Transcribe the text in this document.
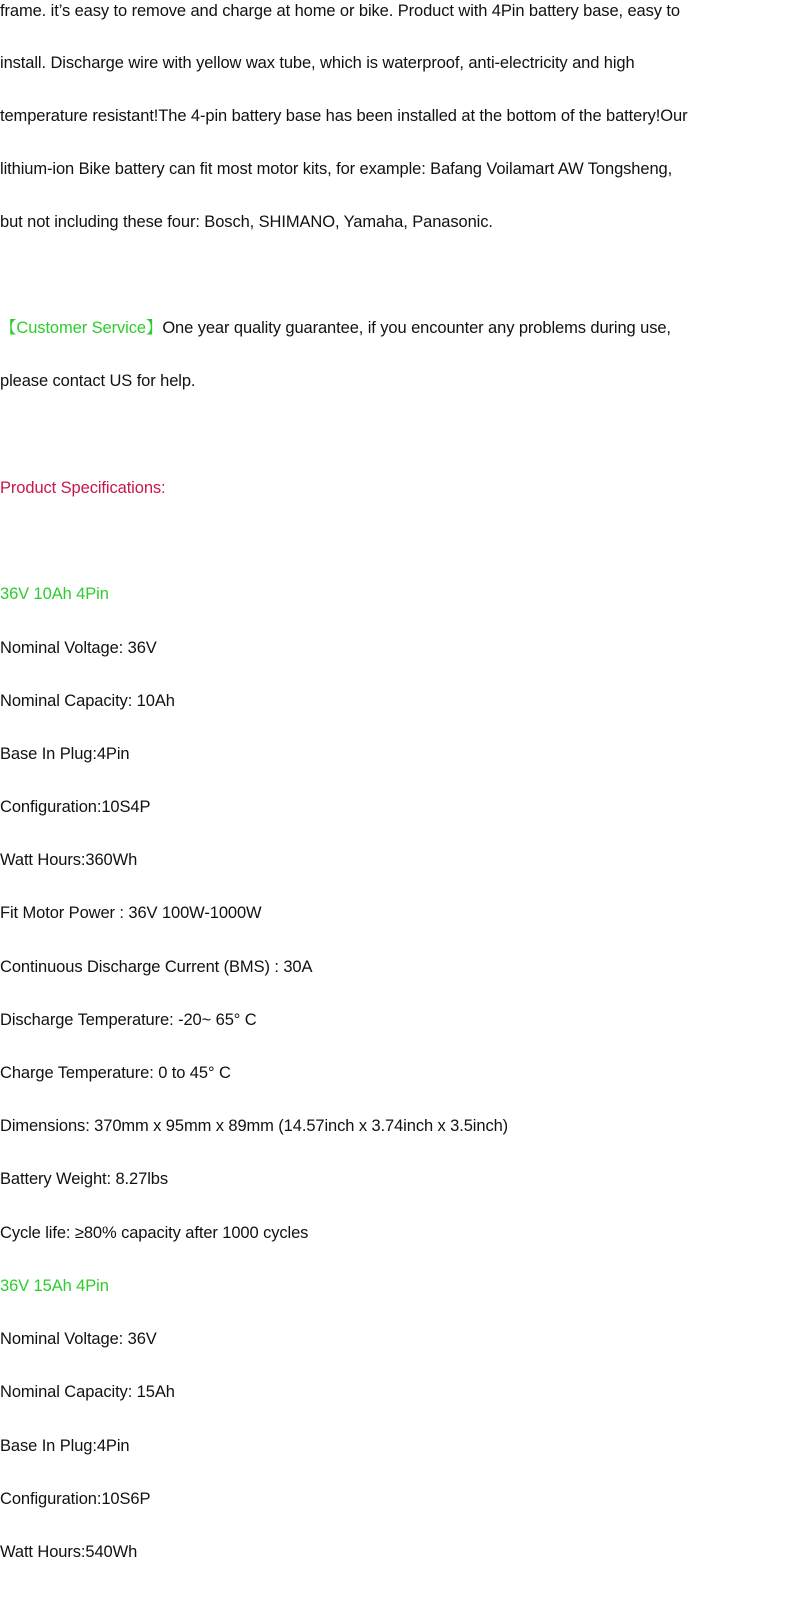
frame. it’s easy to remove and charge at home or bike. Product with 4Pin battery base, easy to
install. Discharge wire with yellow wax tube, which is waterproof, anti-electricity and high
temperature resistant!The 4-pin battery base has been installed at the bottom of the battery!Our
lithium-ion Bike battery can fit most motor kits, for example: Bafang Voilamart AW Tongsheng,
but not including these four: Bosch, SHIMANO, Yamaha, Panasonic.
【Customer Service】One year quality guarantee, if you encounter any problems during use,
please contact US for help.
Product Specifications:
36V 10Ah 4Pin
Nominal Voltage: 36V
Nominal Capacity: 10Ah
Base In Plug:4Pin
Configuration:10S4P
Watt Hours:360Wh
Fit Motor Power : 36V 100W-1000W
Continuous Discharge Current (BMS) : 30A
Discharge Temperature: -20~ 65° C
Charge Temperature: 0 to 45° C
Dimensions: 370mm x 95mm x 89mm (14.57inch x 3.74inch x 3.5inch)
Battery Weight: 8.27lbs
Cycle life: ≥80% capacity after 1000 cycles
36V 15Ah 4Pin
Nominal Voltage: 36V
Nominal Capacity: 15Ah
Base In Plug:4Pin
Configuration:10S6P
Watt Hours:540Wh
